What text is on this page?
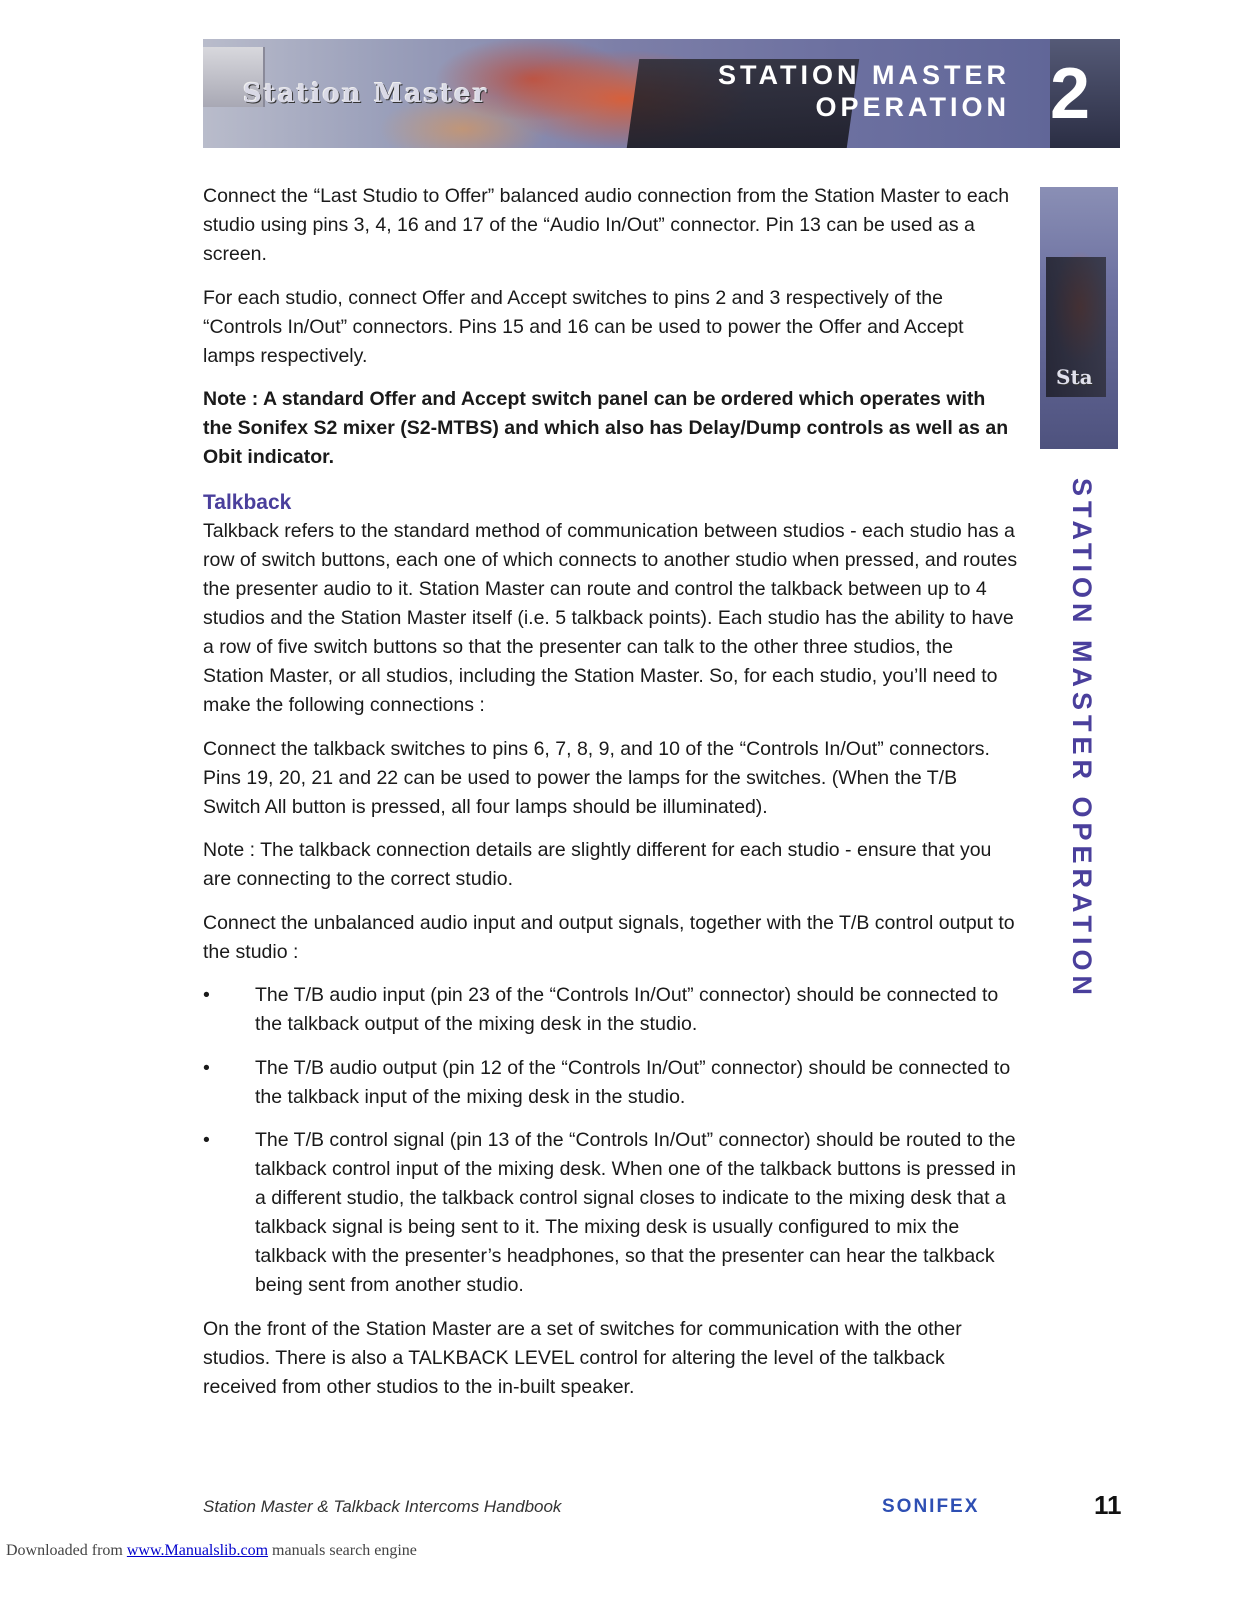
Station Master
STATION MASTER
OPERATION 2
Sta
STATION MASTER OPERATION

Connect the “Last Studio to Offer” balanced audio connection from the Station Master to each studio using pins 3, 4, 16 and 17 of the “Audio In/Out” connector. Pin 13 can be used as a screen.

For each studio, connect Offer and Accept switches to pins 2 and 3 respectively of the “Controls In/Out” connectors. Pins 15 and 16 can be used to power the Offer and Accept lamps respectively.

Note : A standard Offer and Accept switch panel can be ordered which operates with the Sonifex S2 mixer (S2-MTBS) and which also has Delay/Dump controls as well as an Obit indicator.

Talkback

Talkback refers to the standard method of communication between studios - each studio has a row of switch buttons, each one of which connects to another studio when pressed, and routes the presenter audio to it. Station Master can route and control the talkback between up to 4 studios and the Station Master itself (i.e. 5 talkback points). Each studio has the ability to have a row of five switch buttons so that the presenter can talk to the other three studios, the Station Master, or all studios, including the Station Master. So, for each studio, you’ll need to make the following connections :

Connect the talkback switches to pins 6, 7, 8, 9, and 10 of the “Controls In/Out” connectors. Pins 19, 20, 21 and 22 can be used to power the lamps for the switches. (When the T/B Switch All button is pressed, all four lamps should be illuminated).

Note : The talkback connection details are slightly different for each studio - ensure that you are connecting to the correct studio.

Connect the unbalanced audio input and output signals, together with the T/B control output to the studio :

• The T/B audio input (pin 23 of the “Controls In/Out” connector) should be connected to the talkback output of the mixing desk in the studio.
• The T/B audio output (pin 12 of the “Controls In/Out” connector) should be connected to the talkback input of the mixing desk in the studio.
• The T/B control signal (pin 13 of the “Controls In/Out” connector) should be routed to the talkback control input of the mixing desk. When one of the talkback buttons is pressed in a different studio, the talkback control signal closes to indicate to the mixing desk that a talkback signal is being sent to it. The mixing desk is usually configured to mix the talkback with the presenter’s headphones, so that the presenter can hear the talkback being sent from another studio.

On the front of the Station Master are a set of switches for communication with the other studios. There is also a TALKBACK LEVEL control for altering the level of the talkback received from other studios to the in-built speaker.

Station Master & Talkback Intercoms Handbook	SONIFEX	11
Downloaded from www.Manualslib.com manuals search engine
